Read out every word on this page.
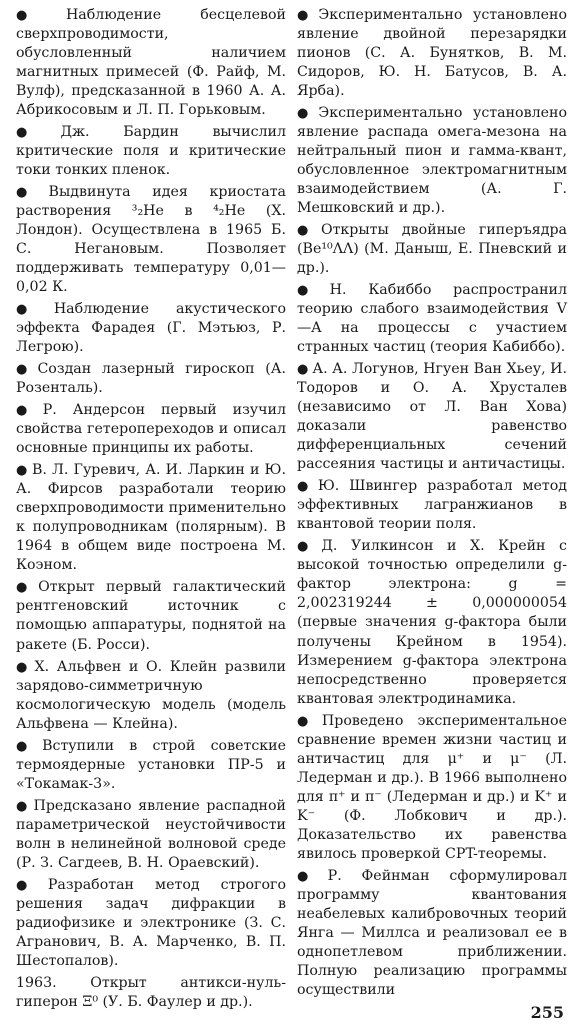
● Наблюдение бесцелевой сверхпроводимости, обусловленный наличием магнитных примесей (Ф. Райф, М. Вулф), предсказанной в 1960 А. А. Абрикосовым и Л. П. Горьковым.

● Дж. Бардин вычислил критические поля и критические токи тонких пленок.

● Выдвинута идея криостата растворения ³₂He в ⁴₂He (Х. Лондон). Осуществлена в 1965 Б. С. Негановым. Позволяет поддерживать температуру 0,01—0,02 К.

● Наблюдение акустического эффекта Фарадея (Г. Мэтьюз, Р. Легрою).

● Создан лазерный гироскоп (А. Розенталь).

● Р. Андерсон первый изучил свойства гетеропереходов и описал основные принципы их работы.

● В. Л. Гуревич, А. И. Ларкин и Ю. А. Фирсов разработали теорию сверхпроводимости применительно к полупроводникам (полярным). В 1964 в общем виде построена М. Коэном.

● Открыт первый галактический рентгеновский источник с помощью аппаратуры, поднятой на ракете (Б. Росси).

● Х. Альфвен и О. Клейн развили зарядово-симметричную космологическую модель (модель Альфвена — Клейна).

● Вступили в строй советские термоядерные установки ПР-5 и «Токамак-3».

● Предсказано явление распадной параметрической неустойчивости волн в нелинейной волновой среде (Р. З. Сагдеев, В. Н. Ораевский).

● Разработан метод строгого решения задач дифракции в радиофизике и электронике (З. С. Агранович, В. А. Марченко, В. П. Шестопалов).

1963. Открыт антикси-нуль-гиперон Ξ̄⁰ (У. Б. Фаулер и др.).

● Экспериментально установлено явление двойной перезарядки пионов (С. А. Бунятков, В. М. Сидоров, Ю. Н. Батусов, В. А. Ярба).

● Экспериментально установлено явление распада омега-мезона на нейтральный пион и гамма-квант, обусловленное электромагнитным взаимодействием (А. Г. Мешковский и др.).

● Открыты двойные гиперъядра (Be¹⁰ΛΛ) (М. Даныш, Е. Пневский и др.).

● Н. Кабиббо распространил теорию слабого взаимодействия V—A на процессы с участием странных частиц (теория Кабиббо).

● А. А. Логунов, Нгуен Ван Хьеу, И. Тодоров и О. А. Хрусталев (независимо от Л. Ван Хова) доказали равенство дифференциальных сечений рассеяния частицы и античастицы.

● Ю. Швингер разработал метод эффективных лагранжианов в квантовой теории поля.

● Д. Уилкинсон и Х. Крейн с высокой точностью определили g-фактор электрона: g = 2,002319244 ± 0,000000054 (первые значения g-фактора были получены Крейном в 1954). Измерением g-фактора электрона непосредственно проверяется квантовая электродинамика.

● Проведено экспериментальное сравнение времен жизни частиц и античастиц для μ⁺ и μ⁻ (Л. Ледерман и др.). В 1966 выполнено для π⁺ и π⁻ (Ледерман и др.) и K⁺ и K⁻ (Ф. Лобкович и др.). Доказательство их равенства явилось проверкой CPT-теоремы.

● Р. Фейнман сформулировал программу квантования неабелевых калибровочных теорий Янга — Миллса и реализовал ее в однопетлевом приближении. Полную реализацию программы осуществили

255
